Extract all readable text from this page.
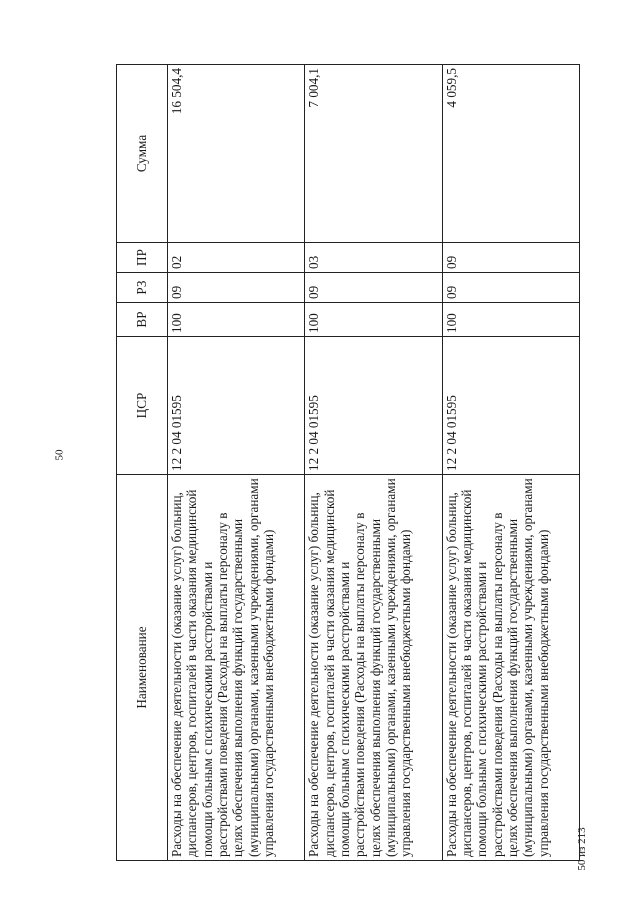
50
Наименование	ЦСР	ВР	РЗ	ПР	Сумма
Расходы на обеспечение деятельности (оказание услуг) больниц, диспансеров, центров, госпиталей в части оказания медицинской помощи больным с психическими расстройствами и расстройствами поведения (Расходы на выплаты персоналу в целях обеспечения выполнения функций государственными (муниципальными) органами, казенными учреждениями, органами управления государственными внебюджетными фондами)	12 2 04 01595	100	09	02	16 504,4
Расходы на обеспечение деятельности (оказание услуг) больниц, диспансеров, центров, госпиталей в части оказания медицинской помощи больным с психическими расстройствами и расстройствами поведения (Расходы на выплаты персоналу в целях обеспечения выполнения функций государственными (муниципальными) органами, казенными учреждениями, органами управления государственными внебюджетными фондами)	12 2 04 01595	100	09	03	7 004,1
Расходы на обеспечение деятельности (оказание услуг) больниц, диспансеров, центров, госпиталей в части оказания медицинской помощи больным с психическими расстройствами и расстройствами поведения (Расходы на выплаты персоналу в целях обеспечения выполнения функций государственными (муниципальными) органами, казенными учреждениями, органами управления государственными внебюджетными фондами)	12 2 04 01595	100	09	09	4 059,5
50 из 213
